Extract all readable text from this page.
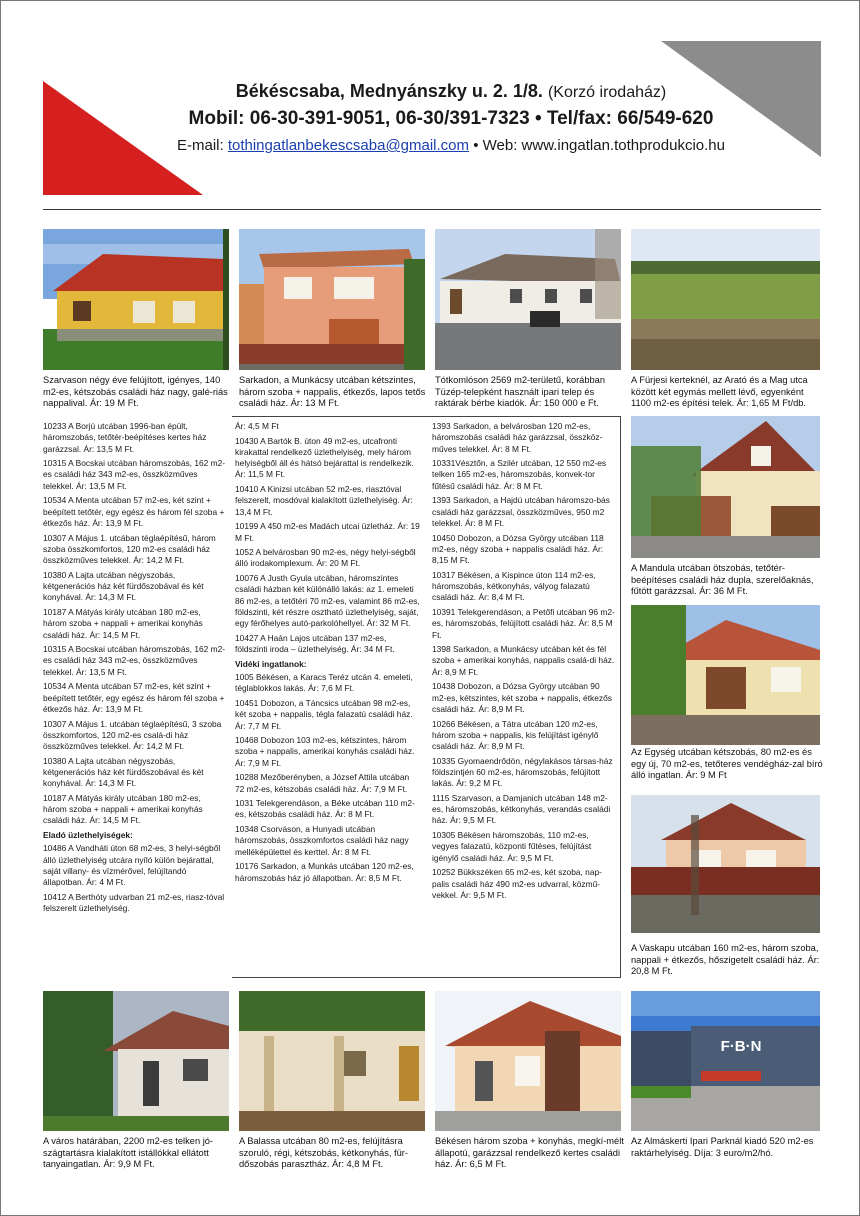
Békéscsaba, Mednyánszky u. 2. 1/8. (Korzó irodaház)
Mobil: 06-30-391-9051, 06-30/391-7323 • Tel/fax: 66/549-620
E-mail: tothingatlanbekescsaba@gmail.com • Web: www.ingatlan.tothprodukcio.hu
Szarvason négy éve felújított, igényes, 140 m2-es, kétszobás családi ház nagy, galé-riás nappalival. Ár: 19 M Ft.
Sarkadon, a Munkácsy utcában kétszintes, három szoba + nappalis, étkezős, lapos tetős családi ház. Ár: 13 M Ft.
Tótkomlóson 2569 m2-területű, korábban Tüzép-telepként használt ipari telep és raktárak bérbe kiadók. Ár: 150 000 e Ft.
A Fürjesi kerteknél, az Arató és a Mag utca között két egymás mellett lévő, egyenként 1100 m2-es építési telek. Ár: 1,65 M Ft/db.

10233 A Borjú utcában 1996-ban épült, háromszobás, tetőtér-beépítéses kertes ház garázzsal. Ár: 13,5 M Ft.

10315 A Bocskai utcában háromszobás, 162 m2-es családi ház 343 m2-es, összközműves telekkel. Ár: 13,5 M Ft.

10534 A Menta utcában 57 m2-es, két szint + beépített tetőtér, egy egész és három fél szoba + étkezős ház. Ár: 13,9 M Ft.

10307 A Május 1. utcában téglaépítésű, három szoba összkomfortos, 120 m2-es családi ház összközműves telekkel. Ár: 14,2 M Ft.

10380 A Lajta utcában négyszobás, kétgenerációs ház két fürdőszobával és két konyhával. Ár: 14,3 M Ft.

10187 A Mátyás király utcában 180 m2-es, három szoba + nappali + amerikai konyhás családi ház. Ár: 14,5 M Ft.

10315 A Bocskai utcában háromszobás, 162 m2-es családi ház 343 m2-es, összközműves telekkel. Ár: 13,5 M Ft.

10534 A Menta utcában 57 m2-es, két szint + beépített tetőtér, egy egész és három fél szoba + étkezős ház. Ár: 13,9 M Ft.

10307 A Május 1. utcában téglaépítésű, 3 szoba összkomfortos, 120 m2-es csalá-di ház összközműves telekkel. Ár: 14,2 M Ft.

10380 A Lajta utcában négyszobás, kétgenerációs ház két fürdőszobával és két konyhával. Ár: 14,3 M Ft.

10187 A Mátyás király utcában 180 m2-es, három szoba + nappali + amerikai konyhás családi ház. Ár: 14,5 M Ft.

Eladó üzlethelyiségek:

10486 A Vandháti úton 68 m2-es, 3 helyi-ségből álló üzlethelyiség utcára nyíló külön bejárattal, saját villany- és vízmérővel, felújítandó állapotban. Ár: 4 M Ft.

10412 A Berthóty udvarban 21 m2-es, riasz-tóval felszerelt üzlethelyiség.

Ár: 4,5 M Ft

10430 A Bartók B. úton 49 m2-es, utcafronti kirakattal rendelkező üzlethelyiség, mely három helyiségből áll és hátsó bejárattal is rendelkezik. Ár: 11,5 M Ft.

10410 A Kinizsi utcában 52 m2-es, riasztóval felszerelt, mosdóval kialakított üzlethelyiség. Ár: 13,4 M Ft.

10199 A 450 m2-es Madách utcai üzletház. Ár: 19 M Ft.

1052 A belvárosban 90 m2-es, négy helyi-ségből álló irodakomplexum. Ár: 20 M Ft.

10076 A Justh Gyula utcában, háromszintes családi házban két különálló lakás: az 1. emeleti 86 m2-es, a tetőtéri 70 m2-es, valamint 86 m2-es, földszinti, két részre osztható üzlethelyiség, saját, egy férőhelyes autó-parkolóhellyel. Ár: 32 M Ft.

10427 A Haán Lajos utcában 137 m2-es, földszinti iroda – üzlethelyiség. Ár: 34 M Ft.

Vidéki ingatlanok:

1005 Békésen, a Karacs Teréz utcán 4. emeleti, téglablokkos lakás. Ár: 7,6 M Ft.

10451 Dobozon, a Táncsics utcában 98 m2-es, két szoba + nappalis, tégla falazatú családi ház. Ár: 7,7 M Ft.

10468 Dobozon 103 m2-es, kétszintes, három szoba + nappalis, amerikai konyhás családi ház. Ár: 7,9 M Ft.

10288 Mezőberényben, a József Attila utcában 72 m2-es, kétszobás családi ház. Ár: 7,9 M Ft.

1031 Telekgerendáson, a Béke utcában 110 m2-es, kétszobás családi ház. Ár: 8 M Ft.

10348 Csorváson, a Hunyadi utcában háromszobás, összkomfortos családi ház nagy melléképülettel és kerttel. Ár: 8 M Ft.

10176 Sarkadon, a Munkás utcában 120 m2-es, háromszobás ház jó állapotban. Ár: 8,5 M Ft.

1393 Sarkadon, a belvárosban 120 m2-es, háromszobás családi ház garázzsal, összköz-műves telekkel. Ár: 8 M Ft.

10331Vésztőn, a Szilér utcában, 12 550 m2-es telken 165 m2-es, háromszobás, konvek-tor fűtésű családi ház. Ár: 8 M Ft.

1393 Sarkadon, a Hajdú utcában háromszo-bás családi ház garázzsal, összközműves, 950 m2 telekkel. Ár: 8 M Ft.

10450 Dobozon, a Dózsa György utcában 118 m2-es, négy szoba + nappalis családi ház. Ár: 8,15 M Ft.

10317 Békésen, a Kispince úton 114 m2-es, háromszobás, kétkonyhás, vályog falazatú családi ház. Ár: 8,4 M Ft.

10391 Telekgerendáson, a Petőfi utcában 96 m2-es, háromszobás, felújított családi ház. Ár: 8,5 M Ft.

1398 Sarkadon, a Munkácsy utcában két és fél szoba + amerikai konyhás, nappalis csalá-di ház. Ár: 8,9 M Ft.

10438 Dobozon, a Dózsa György utcában 90 m2-es, kétszintes, két szoba + nappalis, étkezős családi ház. Ár: 8,9 M Ft.

10266 Békésen, a Tátra utcában 120 m2-es, három szoba + nappalis, kis felújítást igénylő családi ház. Ár: 8,9 M Ft.

10335 Gyomaendrődön, négylakásos társas-ház földszintjén 60 m2-es, háromszobás, felújított lakás. Ár: 9,2 M Ft.

1115 Szarvason, a Damjanich utcában 148 m2-es, háromszobás, kétkonyhás, verandás családi ház. Ár: 9,5 M Ft.

10305 Békésen háromszobás, 110 m2-es, vegyes falazatú, központi fűtéses, felújítást igénylő családi ház. Ár: 9,5 M Ft.

10252 Bükkszéken 65 m2-es, két szoba, nap-palis családi ház 490 m2-es udvarral, közmű-vekkel. Ár: 9,5 M Ft.

A Mandula utcában ötszobás, tetőtér-beépítéses családi ház dupla, szerelőaknás, fűtött garázzsal. Ár: 36 M Ft.
Az Egység utcában kétszobás, 80 m2-es és egy új, 70 m2-es, tetőteres vendégház-zal bíró álló ingatlan. Ár: 9 M Ft
A Vaskapu utcában 160 m2-es, három szoba, nappali + étkezős, hőszigetelt családi ház. Ár: 20,8 M Ft.
F·B·N
A város határában, 2200 m2-es telken jó-szágtartásra kialakított istállókkal ellátott tanyaingatlan. Ár: 9,9 M Ft.
A Balassa utcában 80 m2-es, felújításra szoruló, régi, kétszobás, kétkonyhás, für-dőszobás parasztház. Ár: 4,8 M Ft.
Békésen három szoba + konyhás, megkí-mélt állapotú, garázzsal rendelkező kertes családi ház. Ár: 6,5 M Ft.
Az Almáskerti Ipari Parknál kiadó 520 m2-es raktárhelyiség. Díja: 3 euro/m2/hó.
